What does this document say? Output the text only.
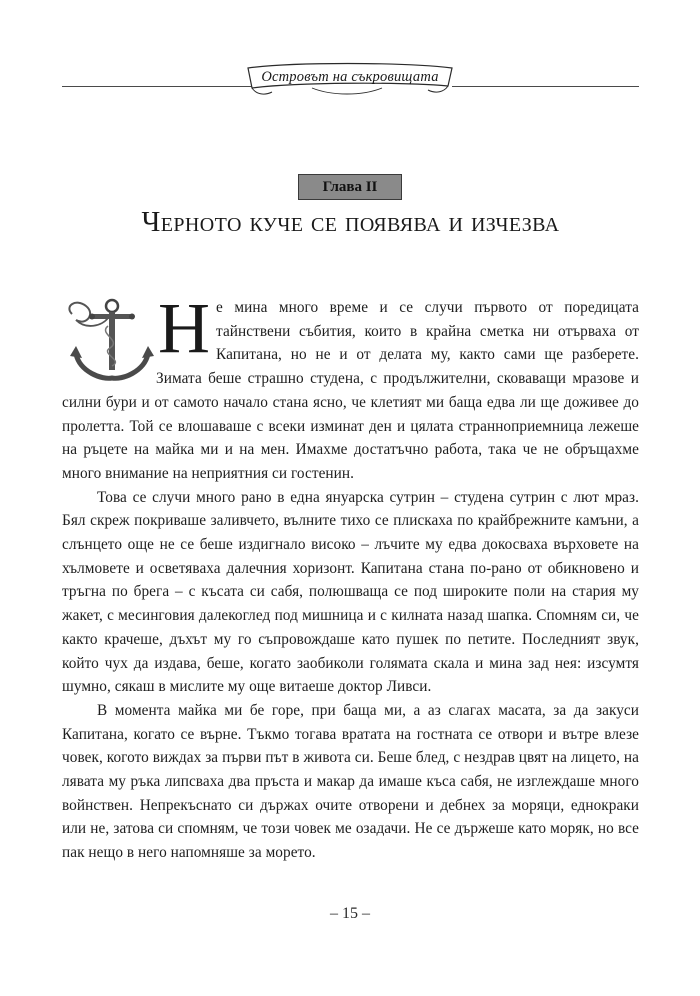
Островът на съкровищата
Глава II
Черното куче се появява и изчезва

Не мина много време и се случи първото от поредицата тайнствени събития, които в крайна сметка ни отърваха от Капитана, но не и от делата му, както сами ще разберете. Зимата беше страшно студена, с продължителни, сковаващи мразове и силни бури и от самото начало стана ясно, че клетият ми баща едва ли ще доживее до пролетта. Той се влошаваше с всеки изминат ден и цялата странноприемница лежеше на ръцете на майка ми и на мен. Имахме достатъчно работа, така че не обръщахме много внимание на неприятния си гостенин.

Това се случи много рано в една януарска сутрин – студена сутрин с лют мраз. Бял скреж покриваше заливчето, вълните тихо се плискаха по крайбрежните камъни, а слънцето още не се беше издигнало високо – лъчите му едва докосваха върховете на хълмовете и осветяваха далечния хоризонт. Капитана стана по-рано от обикновено и тръгна по брега – с късата си сабя, полюшваща се под широките поли на стария му жакет, с месинговия далекоглед под мишница и с килната назад шапка. Спомням си, че както крачеше, дъхът му го съпровождаше като пушек по петите. Последният звук, който чух да издава, беше, когато заобиколи голямата скала и мина зад нея: изсумтя шумно, сякаш в мислите му още витаеше доктор Ливси.

В момента майка ми бе горе, при баща ми, а аз слагах масата, за да закуси Капитана, когато се върне. Тъкмо тогава вратата на гостната се отвори и вътре влезе човек, когото виждах за първи път в живота си. Беше блед, с нездрав цвят на лицето, на лявата му ръка липсваха два пръста и макар да имаше къса сабя, не изглеждаше много войнствен. Непрекъснато си държах очите отворени и дебнех за моряци, еднокраки или не, затова си спомням, че този човек ме озадачи. Не се държеше като моряк, но все пак нещо в него напомняше за морето.

– 15 –
